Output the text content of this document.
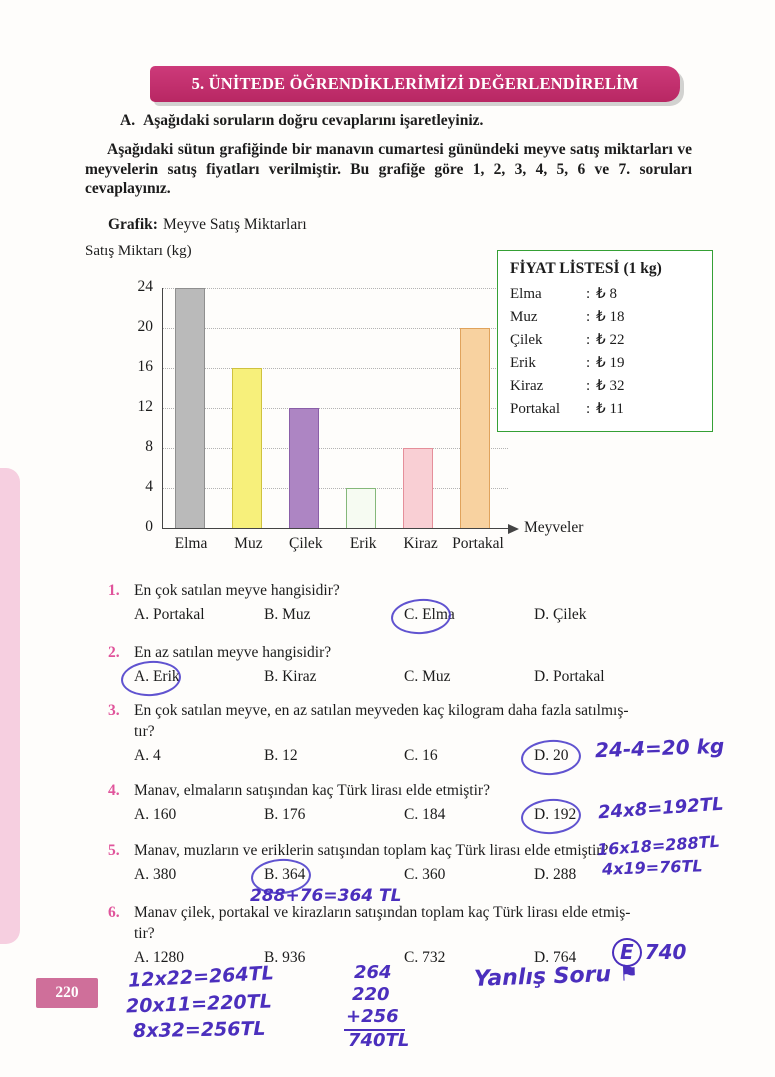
5. ÜNİTEDE ÖĞRENDİKLERİMİZİ DEĞERLENDİRELİM
A. Aşağıdaki soruların doğru cevaplarını işaretleyiniz.
Aşağıdaki sütun grafiğinde bir manavın cumartesi günündeki meyve satış miktarları ve meyvelerin satış fiyatları verilmiştir. Bu grafiğe göre 1, 2, 3, 4, 5, 6 ve 7. soruları cevaplayınız.
Grafik: Meyve Satış Miktarları
Satış Miktarı (kg)
24
20
16
12
8
4
0
Elma	Muz	Çilek	Erik	Kiraz Portakal
Meyveler
FİYAT LİSTESİ (1 kg)
Elma	: ₺ 8
Muz	: ₺ 18
Çilek	: ₺ 22
Erik	: ₺ 19
Kiraz	: ₺ 32
Portakal	: ₺ 11
1. En çok satılan meyve hangisidir?
A. Portakal	B. Muz	C. Elma	D. Çilek
2. En az satılan meyve hangisidir?
A. Erik	B. Kiraz	C. Muz	D. Portakal
3. En çok satılan meyve, en az satılan meyveden kaç kilogram daha fazla satılmış-
tır?
A. 4	B. 12	C. 16	D. 20
4. Manav, elmaların satışından kaç Türk lirası elde etmiştir?
A. 160	B. 176	C. 184	D. 192
5. Manav, muzların ve eriklerin satışından toplam kaç Türk lirası elde etmiştir?
A. 380	B. 364	C. 360	D. 288
6. Manav çilek, portakal ve kirazların satışından toplam kaç Türk lirası elde etmiş-
tir?
A. 1280	B. 936	C. 732	D. 764
24-4=20 kg
24x8=192TL
16x18=288TL
4x19=76TL
288+76=364 TL
E 740
12x22=264TL
20x11=220TL
8x32=256TL
264
220
+256
740TL
Yanlış Soru ⚑
220
